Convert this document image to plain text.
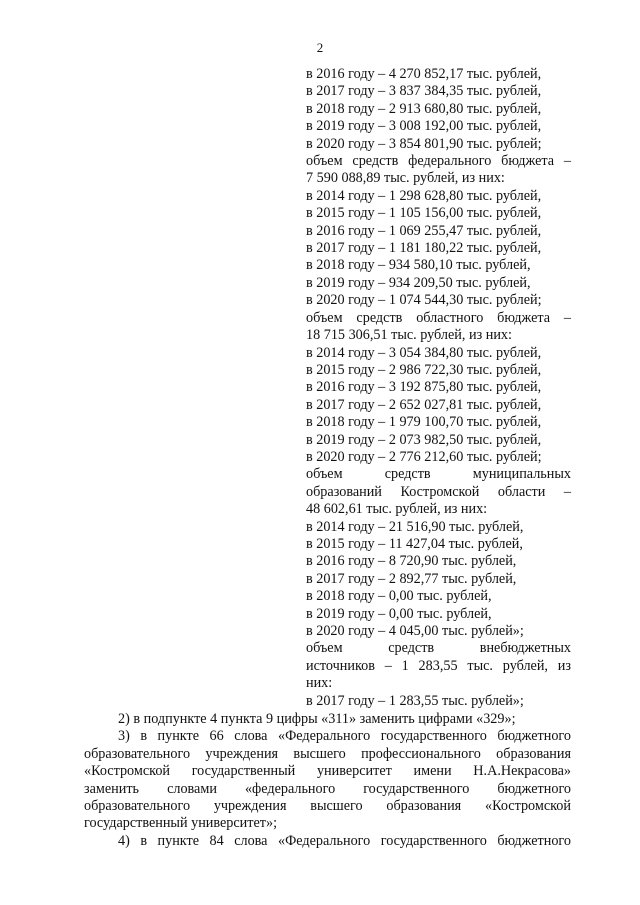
2
в 2016 году – 4 270 852,17 тыс. рублей,
в 2017 году – 3 837 384,35 тыс. рублей,
в 2018 году – 2 913 680,80 тыс. рублей,
в 2019 году – 3 008 192,00 тыс. рублей,
в 2020 году – 3 854 801,90 тыс. рублей;
объем средств федерального бюджета –
7 590 088,89 тыс. рублей, из них:
в 2014 году – 1 298 628,80 тыс. рублей,
в 2015 году – 1 105 156,00 тыс. рублей,
в 2016 году – 1 069 255,47 тыс. рублей,
в 2017 году – 1 181 180,22 тыс. рублей,
в 2018 году – 934 580,10 тыс. рублей,
в 2019 году – 934 209,50 тыс. рублей,
в 2020 году – 1 074 544,30 тыс. рублей;
объем средств областного бюджета –
18 715 306,51 тыс. рублей, из них:
в 2014 году – 3 054 384,80 тыс. рублей,
в 2015 году – 2 986 722,30 тыс. рублей,
в 2016 году – 3 192 875,80 тыс. рублей,
в 2017 году – 2 652 027,81 тыс. рублей,
в 2018 году – 1 979 100,70 тыс. рублей,
в 2019 году – 2 073 982,50 тыс. рублей,
в 2020 году – 2 776 212,60 тыс. рублей;
объем средств муниципальных
образований Костромской области –
48 602,61 тыс. рублей, из них:
в 2014 году – 21 516,90 тыс. рублей,
в 2015 году – 11 427,04 тыс. рублей,
в 2016 году – 8 720,90 тыс. рублей,
в 2017 году – 2 892,77 тыс. рублей,
в 2018 году – 0,00 тыс. рублей,
в 2019 году – 0,00 тыс. рублей,
в 2020 году – 4 045,00 тыс. рублей»;
объем средств внебюджетных
источников – 1 283,55 тыс. рублей, из
них:
в 2017 году – 1 283,55 тыс. рублей»;
2) в подпункте 4 пункта 9 цифры «311» заменить цифрами «329»;
3) в пункте 66 слова «Федерального государственного бюджетного
образовательного учреждения высшего профессионального образования
«Костромской государственный университет имени Н.А.Некрасова»
заменить словами «федерального государственного бюджетного
образовательного учреждения высшего образования «Костромской
государственный университет»;
4) в пункте 84 слова «Федерального государственного бюджетного
